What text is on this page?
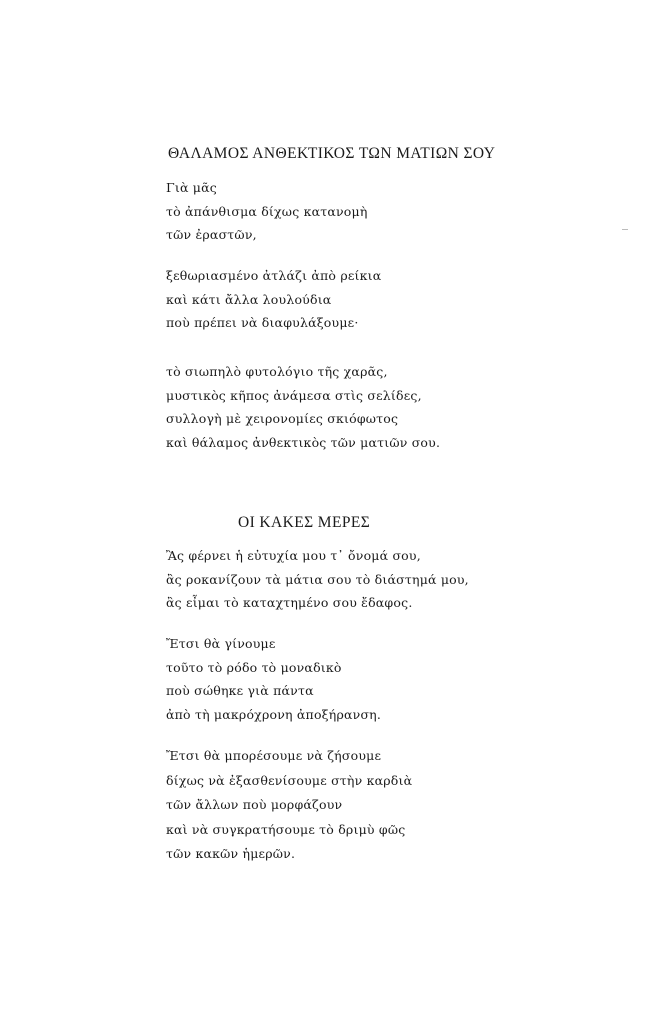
ΘΑΛΑΜΟΣ ΑΝΘΕΚΤΙΚΟΣ ΤΩΝ ΜΑΤΙΩΝ ΣΟΥ
Γιὰ μᾶς
τὸ ἀπάνθισμα δίχως κατανομὴ
τῶν ἐραστῶν,
ξεθωριασμένο ἀτλάζι ἀπὸ ρείκια
καὶ κάτι ἄλλα λουλούδια
ποὺ πρέπει νὰ διαφυλάξουμε·
τὸ σιωπηλὸ φυτολόγιο τῆς χαρᾶς,
μυστικὸς κῆπος ἀνάμεσα στὶς σελίδες,
συλλογὴ μὲ χειρονομίες σκιόφωτος
καὶ θάλαμος ἀνθεκτικὸς τῶν ματιῶν σου.
ΟΙ ΚΑΚΕΣ ΜΕΡΕΣ
Ἂς φέρνει ἡ εὐτυχία μου τ᾽ ὄνομά σου,
ἂς ροκανίζουν τὰ μάτια σου τὸ διάστημά μου,
ἂς εἶμαι τὸ καταχτημένο σου ἔδαφος.
Ἔτσι θὰ γίνουμε
τοῦτο τὸ ρόδο τὸ μοναδικὸ
ποὺ σώθηκε γιὰ πάντα
ἀπὸ τὴ μακρόχρονη ἀποξήρανση.
Ἔτσι θὰ μπορέσουμε νὰ ζήσουμε
δίχως νὰ ἐξασθενίσουμε στὴν καρδιὰ
τῶν ἄλλων ποὺ μορφάζουν
καὶ νὰ συγκρατήσουμε τὸ δριμὺ φῶς
τῶν κακῶν ἡμερῶν.
